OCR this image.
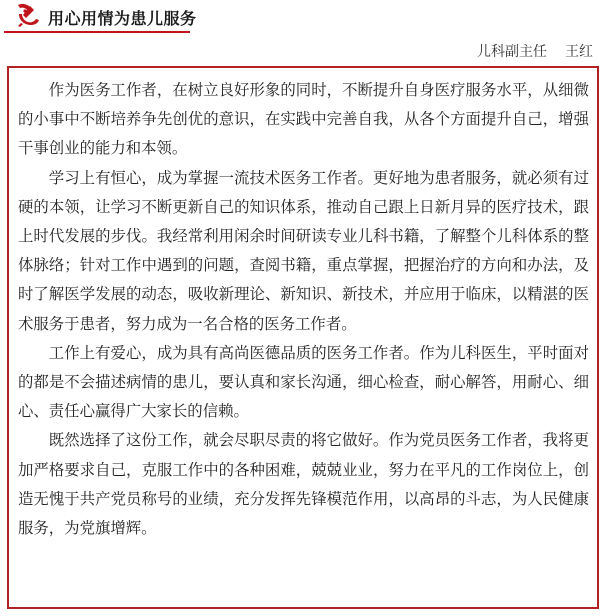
用心用情为患儿服务
儿科副主任 王红

作为医务工作者，在树立良好形象的同时，不断提升自身医疗服务水平，从细微的小事中不断培养争先创优的意识，在实践中完善自我，从各个方面提升自己，增强干事创业的能力和本领。

学习上有恒心，成为掌握一流技术医务工作者。更好地为患者服务，就必须有过硬的本领，让学习不断更新自己的知识体系，推动自己跟上日新月异的医疗技术，跟上时代发展的步伐。我经常利用闲余时间研读专业儿科书籍，了解整个儿科体系的整体脉络；针对工作中遇到的问题，查阅书籍，重点掌握，把握治疗的方向和办法，及时了解医学发展的动态，吸收新理论、新知识、新技术，并应用于临床，以精湛的医术服务于患者，努力成为一名合格的医务工作者。

工作上有爱心，成为具有高尚医德品质的医务工作者。作为儿科医生，平时面对的都是不会描述病情的患儿，要认真和家长沟通，细心检查，耐心解答，用耐心、细心、责任心赢得广大家长的信赖。

既然选择了这份工作，就会尽职尽责的将它做好。作为党员医务工作者，我将更加严格要求自己，克服工作中的各种困难，兢兢业业，努力在平凡的工作岗位上，创造无愧于共产党员称号的业绩，充分发挥先锋模范作用，以高昂的斗志，为人民健康服务，为党旗增辉。
